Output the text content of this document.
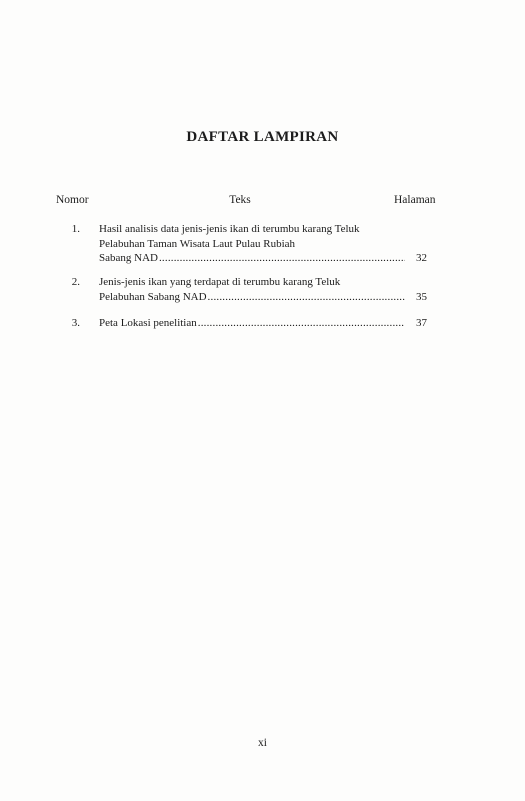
DAFTAR LAMPIRAN
Nomor	Teks	Halaman
1. Hasil analisis data jenis-jenis ikan di terumbu karang Teluk
Pelabuhan Taman Wisata Laut Pulau Rubiah
Sabang NAD .....	32
2. Jenis-jenis ikan yang terdapat di terumbu karang Teluk
Pelabuhan Sabang NAD .....	35
3. Peta Lokasi penelitian .....	37
xi
